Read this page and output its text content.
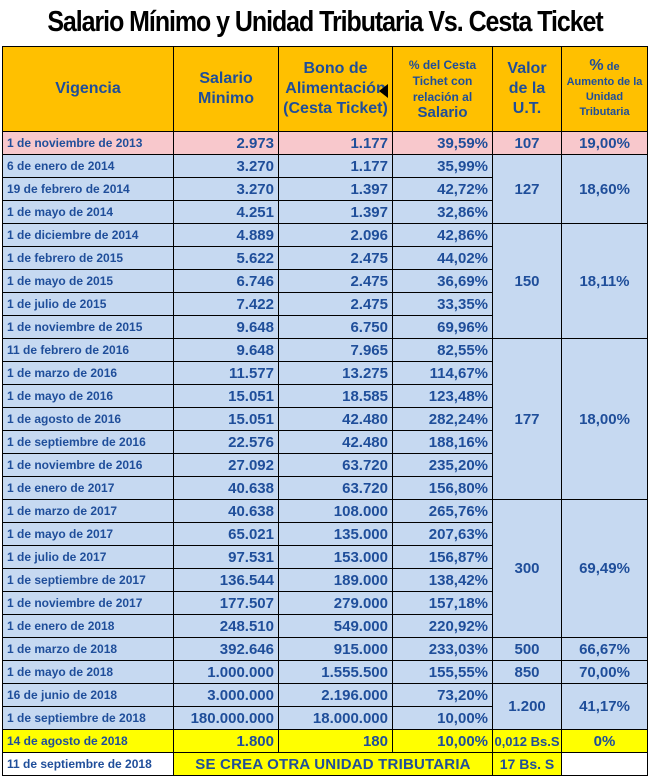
Salario Mínimo y Unidad Tributaria Vs. Cesta Ticket
Vigencia	Salario Minimo	Bono de Alimentación (Cesta Ticket)	% del Cesta Tichet con relación al Salario	Valor de la U.T.	% de Aumento de la Unidad Tributaria
1 de noviembre de 2013	2.973	1.177	39,59%	107	19,00%
6 de enero de 2014	3.270	1.177	35,99%	127	18,60%
19 de febrero de 2014	3.270	1.397	42,72%		
1 de mayo de 2014	4.251	1.397	32,86%		
1 de diciembre de 2014	4.889	2.096	42,86%	150	18,11%
1 de febrero de 2015	5.622	2.475	44,02%		
1 de mayo de 2015	6.746	2.475	36,69%		
1 de julio de 2015	7.422	2.475	33,35%		
1 de noviembre de 2015	9.648	6.750	69,96%		
11 de febrero de 2016	9.648	7.965	82,55%	177	18,00%
1 de marzo de 2016	11.577	13.275	114,67%		
1 de mayo de 2016	15.051	18.585	123,48%		
1 de agosto de 2016	15.051	42.480	282,24%		
1 de septiembre de 2016	22.576	42.480	188,16%		
1 de noviembre de 2016	27.092	63.720	235,20%		
1 de enero de 2017	40.638	63.720	156,80%		
1 de marzo de 2017	40.638	108.000	265,76%	300	69,49%
1 de mayo de 2017	65.021	135.000	207,63%		
1 de julio de 2017	97.531	153.000	156,87%		
1 de septiembre de 2017	136.544	189.000	138,42%		
1 de noviembre de 2017	177.507	279.000	157,18%		
1 de enero de 2018	248.510	549.000	220,92%		
1 de marzo de 2018	392.646	915.000	233,03%	500	66,67%
1 de mayo de 2018	1.000.000	1.555.500	155,55%	850	70,00%
16 de junio de 2018	3.000.000	2.196.000	73,20%	1.200	41,17%
1 de septiembre de 2018	180.000.000	18.000.000	10,00%		
14 de agosto de 2018	1.800	180	10,00%	0,012 Bs.S	0%
11 de septiembre de 2018	SE CREA OTRA UNIDAD TRIBUTARIA			17 Bs. S	
